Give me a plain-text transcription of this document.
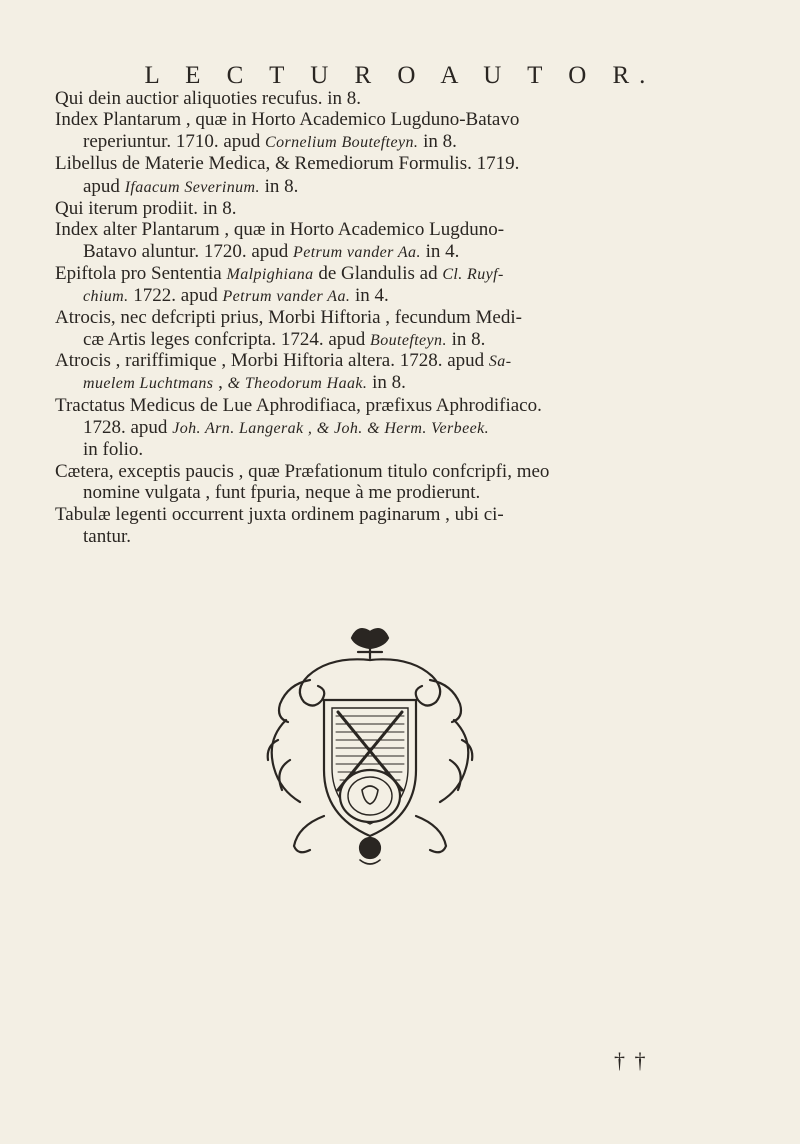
L E C T U R O A U T O R.
Qui dein auctior aliquoties recufus. in 8.
Index Plantarum , quæ in Horto Academico Lugduno-Batavo
reperiuntur. 1710. apud Cornelium Boutefteyn. in 8.
Libellus de Materie Medica, & Remediorum Formulis. 1719.
apud Ifaacum Severinum. in 8.
Qui iterum prodiit. in 8.
Index alter Plantarum , quæ in Horto Academico Lugduno-
Batavo aluntur. 1720. apud Petrum vander Aa. in 4.
Epiftola pro Sententia Malpighiana de Glandulis ad Cl. Ruyf-
chium. 1722. apud Petrum vander Aa. in 4.
Atrocis, nec defcripti prius, Morbi Hiftoria , fecundum Medi-
cæ Artis leges confcripta. 1724. apud Boutefteyn. in 8.
Atrocis , rariffimique , Morbi Hiftoria altera. 1728. apud Sa-
muelem Luchtmans , & Theodorum Haak. in 8.
Tractatus Medicus de Lue Aphrodifiaca, præfixus Aphrodifiaco.
1728. apud Joh. Arn. Langerak , & Joh. & Herm. Verbeek.
in folio.
Cætera, exceptis paucis , quæ Præfationum titulo confcripfi, meo
nomine vulgata , funt fpuria, neque à me prodierunt.
Tabulæ legenti occurrent juxta ordinem paginarum , ubi ci-
tantur.
† †
